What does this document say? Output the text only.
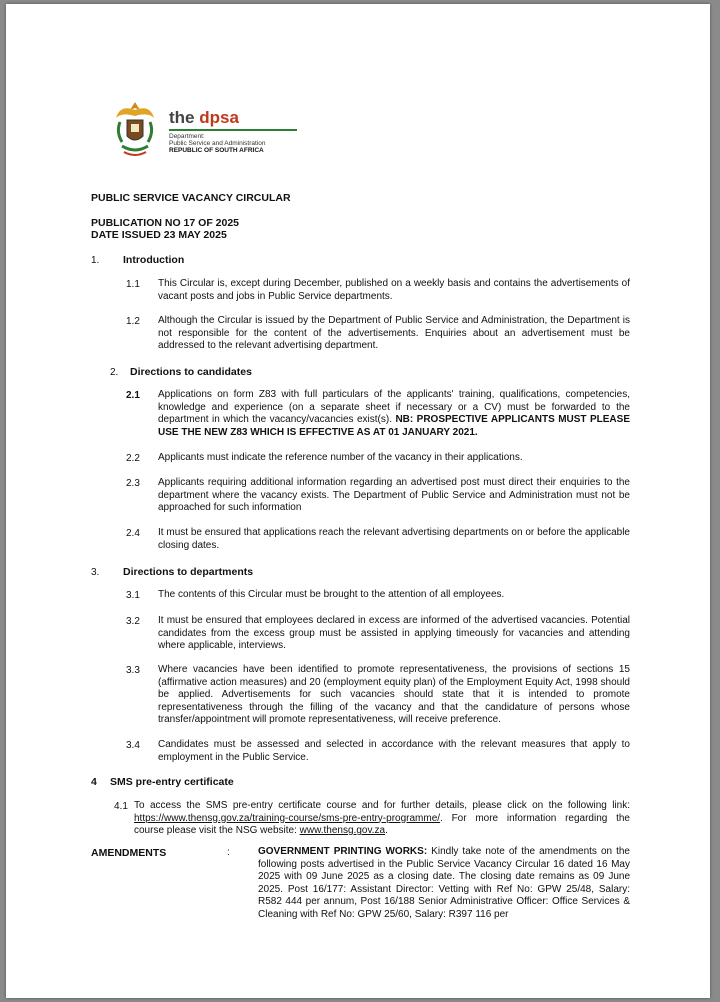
the dpsa
Department:
Public Service and Administration
REPUBLIC OF SOUTH AFRICA
PUBLIC SERVICE VACANCY CIRCULAR
PUBLICATION NO 17 OF 2025
DATE ISSUED 23 MAY 2025
1. Introduction
1.1 This Circular is, except during December, published on a weekly basis and contains the advertisements of vacant posts and jobs in Public Service departments.
1.2 Although the Circular is issued by the Department of Public Service and Administration, the Department is not responsible for the content of the advertisements. Enquiries about an advertisement must be addressed to the relevant advertising department.
2. Directions to candidates
2.1 Applications on form Z83 with full particulars of the applicants' training, qualifications, competencies, knowledge and experience (on a separate sheet if necessary or a CV) must be forwarded to the department in which the vacancy/vacancies exist(s). NB: PROSPECTIVE APPLICANTS MUST PLEASE USE THE NEW Z83 WHICH IS EFFECTIVE AS AT 01 JANUARY 2021.
2.2 Applicants must indicate the reference number of the vacancy in their applications.
2.3 Applicants requiring additional information regarding an advertised post must direct their enquiries to the department where the vacancy exists. The Department of Public Service and Administration must not be approached for such information
2.4 It must be ensured that applications reach the relevant advertising departments on or before the applicable closing dates.
3. Directions to departments
3.1 The contents of this Circular must be brought to the attention of all employees.
3.2 It must be ensured that employees declared in excess are informed of the advertised vacancies. Potential candidates from the excess group must be assisted in applying timeously for vacancies and attending where applicable, interviews.
3.3 Where vacancies have been identified to promote representativeness, the provisions of sections 15 (affirmative action measures) and 20 (employment equity plan) of the Employment Equity Act, 1998 should be applied. Advertisements for such vacancies should state that it is intended to promote representativeness through the filling of the vacancy and that the candidature of persons whose transfer/appointment will promote representativeness, will receive preference.
3.4 Candidates must be assessed and selected in accordance with the relevant measures that apply to employment in the Public Service.
4 SMS pre-entry certificate
4.1 To access the SMS pre-entry certificate course and for further details, please click on the following link: https://www.thensg.gov.za/training-course/sms-pre-entry-programme/. For more information regarding the course please visit the NSG website: www.thensg.gov.za.
AMENDMENTS	:	GOVERNMENT PRINTING WORKS: Kindly take note of the amendments on the following posts advertised in the Public Service Vacancy Circular 16 dated 16 May 2025 with 09 June 2025 as a closing date. The closing date remains as 09 June 2025. Post 16/177: Assistant Director: Vetting with Ref No: GPW 25/48, Salary: R582 444 per annum, Post 16/188 Senior Administrative Officer: Office Services & Cleaning with Ref No: GPW 25/60, Salary: R397 116 per
